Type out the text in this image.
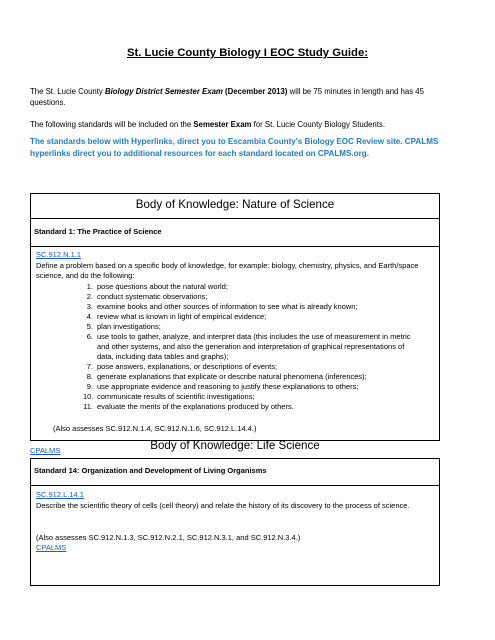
St. Lucie County Biology I EOC Study Guide:
The St. Lucie County Biology District Semester Exam (December 2013) will be 75 minutes in length and has 45 questions.
The following standards will be included on the Semester Exam for St. Lucie County Biology Students.
The standards below with Hyperlinks, direct you to Escambia County's Biology EOC Review site. CPALMS hyperlinks direct you to additional resources for each standard located on CPALMS.org.
Body of Knowledge: Nature of Science
Standard 1: The Practice of Science
SC.912.N.1.1
Define a problem based on a specific body of knowledge, for example: biology, chemistry, physics, and Earth/space science, and do the following:
1. pose questions about the natural world;
2. conduct systematic observations;
3. examine books and other sources of information to see what is already known;
4. review what is known in light of empirical evidence;
5. plan investigations;
6. use tools to gather, analyze, and interpret data (this includes the use of measurement in metric and other systems, and also the generation and interpretation of graphical representations of data, including data tables and graphs);
7. pose answers, explanations, or descriptions of events;
8. generate explanations that explicate or describe natural phenomena (inferences);
9. use appropriate evidence and reasoning to justify these explanations to others;
10. communicate results of scientific investigations;
11. evaluate the merits of the explanations produced by others.
(Also assesses SC.912.N.1.4, SC.912.N.1.6, SC.912.L.14.4.)
CPALMS	Body of Knowledge: Life Science
Standard 14: Organization and Development of Living Organisms
SC.912.L.14.1
Describe the scientific theory of cells (cell theory) and relate the history of its discovery to the process of science.
(Also assesses SC.912.N.1.3, SC.912.N.2.1, SC.912.N.3.1, and SC.912.N.3.4.)
CPALMS
